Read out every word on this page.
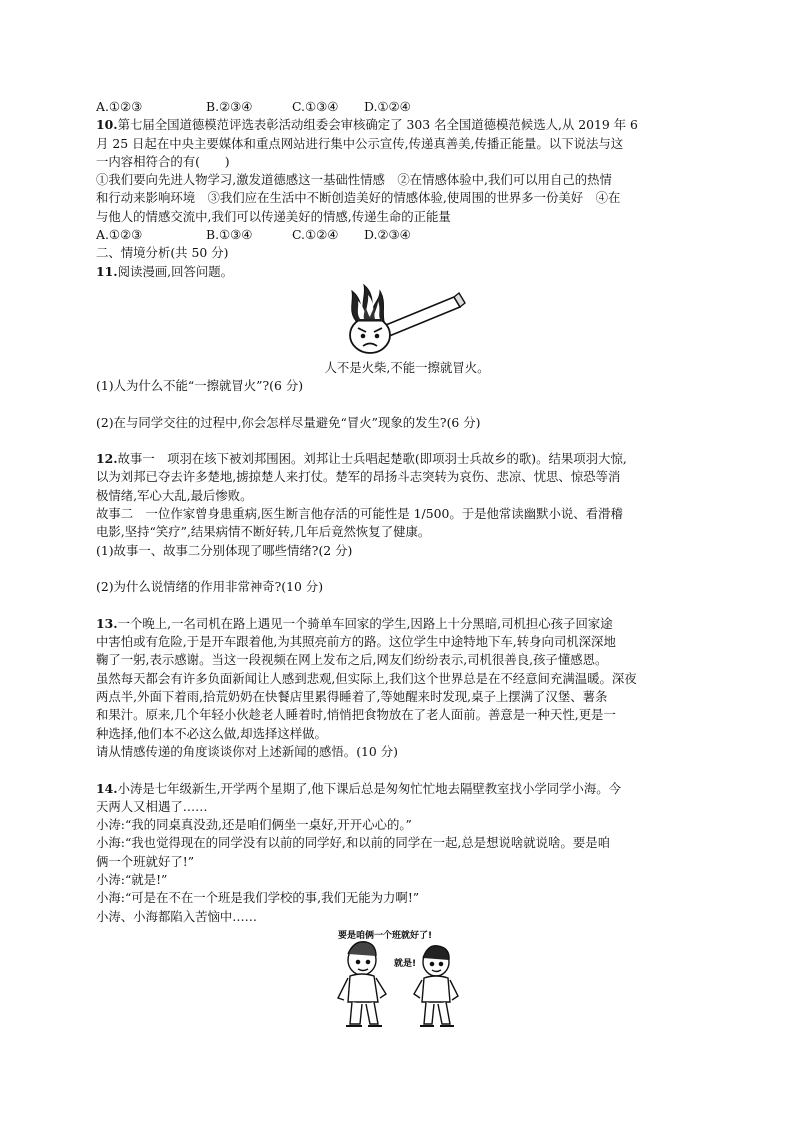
A.①②③	B.②③④	C.①③④ D.①②④
10.第七届全国道德模范评选表彰活动组委会审核确定了 303 名全国道德模范候选人,从 2019 年 6
月 25 日起在中央主要媒体和重点网站进行集中公示宣传,传递真善美,传播正能量。以下说法与这
一内容相符合的有(　　)
①我们要向先进人物学习,激发道德感这一基础性情感　②在情感体验中,我们可以用自己的热情
和行动来影响环境　③我们应在生活中不断创造美好的情感体验,使周围的世界多一份美好　④在
与他人的情感交流中,我们可以传递美好的情感,传递生命的正能量
A.①②③	B.①③④	C.①②④ D.②③④
二、情境分析(共 50 分)
11.阅读漫画,回答问题。
人不是火柴,不能一擦就冒火。
(1)人为什么不能“一擦就冒火”?(6 分)
(2)在与同学交往的过程中,你会怎样尽量避免“冒火”现象的发生?(6 分)
12.故事一　项羽在垓下被刘邦围困。刘邦让士兵唱起楚歌(即项羽士兵故乡的歌)。结果项羽大惊,
以为刘邦已夺去许多楚地,掳掠楚人来打仗。楚军的昂扬斗志突转为哀伤、悲凉、忧思、惊恐等消
极情绪,军心大乱,最后惨败。
故事二　一位作家曾身患重病,医生断言他存活的可能性是 1/500。于是他常读幽默小说、看滑稽
电影,坚持“笑疗”,结果病情不断好转,几年后竟然恢复了健康。
(1)故事一、故事二分别体现了哪些情绪?(2 分)
(2)为什么说情绪的作用非常神奇?(10 分)
13.一个晚上,一名司机在路上遇见一个骑单车回家的学生,因路上十分黑暗,司机担心孩子回家途
中害怕或有危险,于是开车跟着他,为其照亮前方的路。这位学生中途特地下车,转身向司机深深地
鞠了一躬,表示感谢。当这一段视频在网上发布之后,网友们纷纷表示,司机很善良,孩子懂感恩。
虽然每天都会有许多负面新闻让人感到悲观,但实际上,我们这个世界总是在不经意间充满温暖。深夜
两点半,外面下着雨,拾荒奶奶在快餐店里累得睡着了,等她醒来时发现,桌子上摆满了汉堡、薯条
和果汁。原来,几个年轻小伙趁老人睡着时,悄悄把食物放在了老人面前。善意是一种天性,更是一
种选择,他们本不必这么做,却选择这样做。
请从情感传递的角度谈谈你对上述新闻的感悟。(10 分)
14.小涛是七年级新生,开学两个星期了,他下课后总是匆匆忙忙地去隔壁教室找小学同学小海。今
天两人又相遇了……
小涛:“我的同桌真没劲,还是咱们俩坐一桌好,开开心心的。”
小海:“我也觉得现在的同学没有以前的同学好,和以前的同学在一起,总是想说啥就说啥。要是咱
俩一个班就好了!”
小涛:“就是!”
小海:“可是在不在一个班是我们学校的事,我们无能为力啊!”
小涛、小海都陷入苦恼中……
要是咱俩一个班就好了!
就是!
